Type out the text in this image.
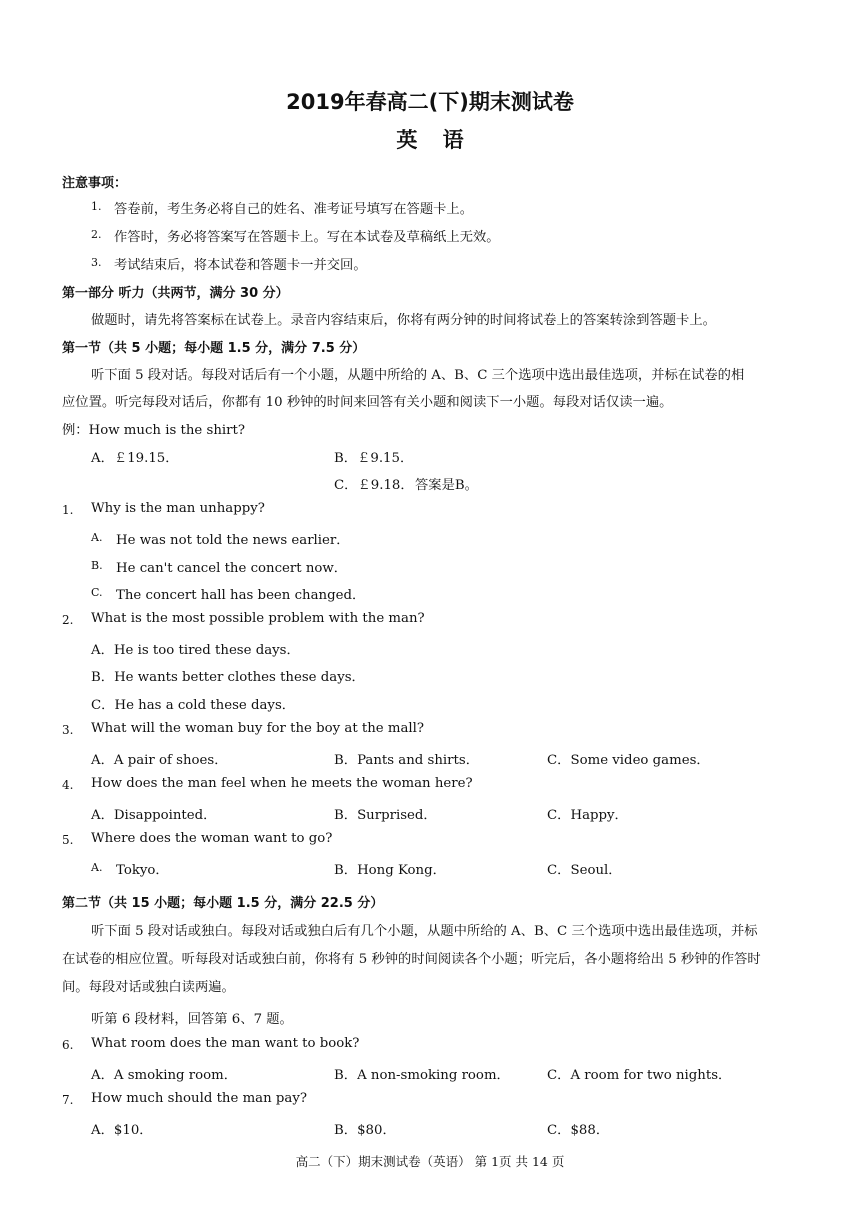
2019年春高二(下)期末测试卷
英 语
注意事项：
1. 答卷前，考生务必将自己的姓名、准考证号填写在答题卡上。
2. 作答时，务必将答案写在答题卡上。写在本试卷及草稿纸上无效。
3. 考试结束后，将本试卷和答题卡一并交回。
第一部分 听力（共两节，满分 30 分）
做题时，请先将答案标在试卷上。录音内容结束后，你将有两分钟的时间将试卷上的答案转涂到答题卡上。
第一节（共 5 小题；每小题 1.5 分，满分 7.5 分）
听下面 5 段对话。每段对话后有一个小题，从题中所给的 A、B、C 三个选项中选出最佳选项，并标在试卷的相
应位置。听完每段对话后，你都有 10 秒钟的时间来回答有关小题和阅读下一小题。每段对话仅读一遍。
例：How much is the shirt?
A．￡19.15．	B．￡9.15．
C．￡9.18． 答案是B。
1. Why is the man unhappy?
A. He was not told the news earlier．
B. He can't cancel the concert now．
C. The concert hall has been changed．
2. What is the most possible problem with the man?
A．He is too tired these days．
B．He wants better clothes these days．
C．He has a cold these days．
3. What will the woman buy for the boy at the mall?
A．A pair of shoes．	B．Pants and shirts．	C．Some video games．
4. How does the man feel when he meets the woman here?
A．Disappointed．	B．Surprised．	C．Happy．
5. Where does the woman want to go?
A. Tokyo．	B．Hong Kong．	C．Seoul．
第二节（共 15 小题；每小题 1.5 分，满分 22.5 分）
听下面 5 段对话或独白。每段对话或独白后有几个小题，从题中所给的 A、B、C 三个选项中选出最佳选项，并标
在试卷的相应位置。听每段对话或独白前，你将有 5 秒钟的时间阅读各个小题；听完后，各小题将给出 5 秒钟的作答时
间。每段对话或独白读两遍。
听第 6 段材料，回答第 6、7 题。
6. What room does the man want to book?
A．A smoking room．	B．A non-smoking room．	C．A room for two nights．
7. How much should the man pay?
A．$10．	B．$80．	C．$88．
高二（下）期末测试卷（英语） 第 1页 共 14 页
